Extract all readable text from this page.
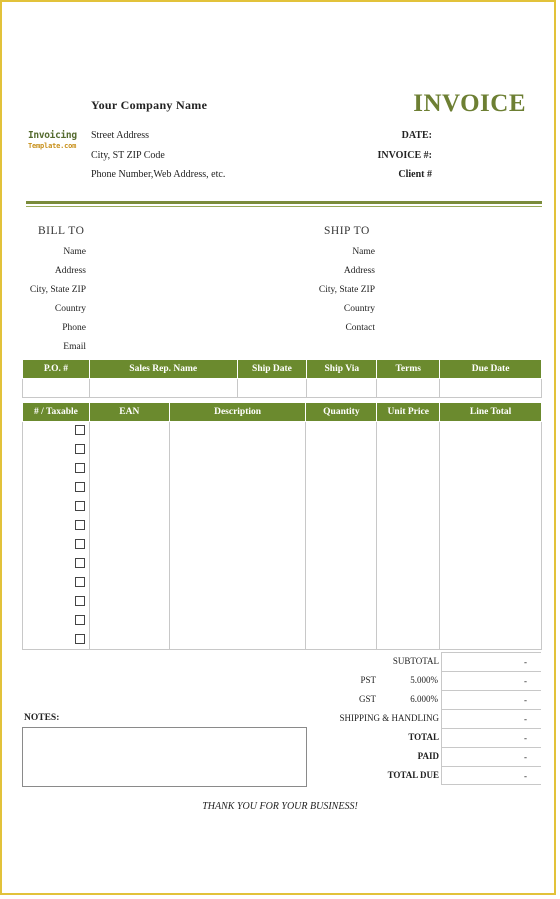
Your Company Name
Invoicing
Template.com
Street Address
City, ST ZIP Code
Phone Number,Web Address, etc.
INVOICE
DATE:
INVOICE #:
Client #
BILL TO
Name
Address
City, State ZIP
Country
Phone
Email
SHIP TO
Name
Address
City, State ZIP
Country
Contact
P.O. #	Sales Rep. Name	Ship Date	Ship Via	Terms	Due Date

# / Taxable	EAN	Description	Quantity	Unit Price	Line Total

SUBTOTAL	-
PST	5.000%	-
GST	6.000%	-
SHIPPING & HANDLING	-
TOTAL	-
PAID	-
TOTAL DUE	-
NOTES:
THANK YOU FOR YOUR BUSINESS!
